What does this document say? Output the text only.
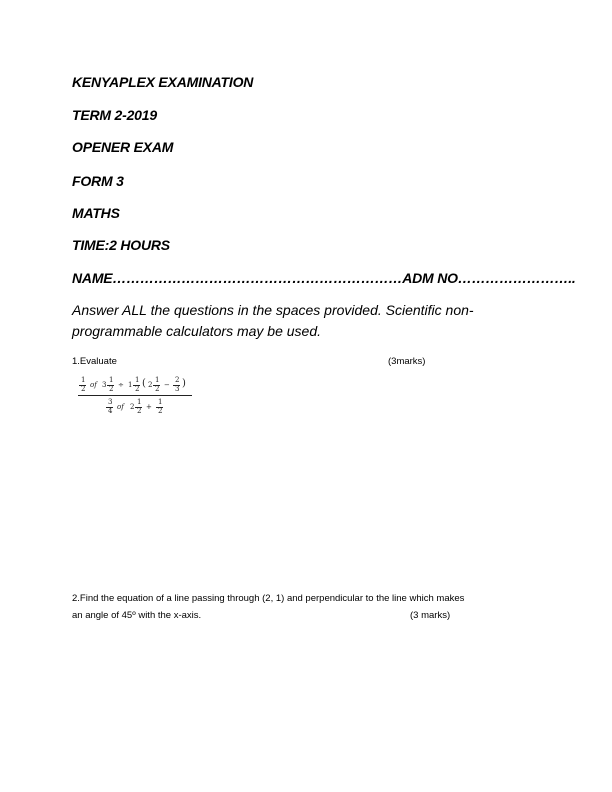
KENYAPLEX EXAMINATION
TERM 2-2019
OPENER EXAM
FORM 3
MATHS
TIME:2 HOURS
NAME………………………………………………………ADM NO……………………..
Answer ALL the questions in the spaces provided. Scientific non-programmable calculators may be used.
1.Evaluate	(3marks)
1
2 of 3
1
2 ÷ 1
1
2 ( 2
1
2 −
2
3 )
3
4 of 2
1
2 +
1
2
2.Find the equation of a line passing through (2, 1) and perpendicular to the line which makes
an angle of 45º with the x-axis.	(3 marks)
